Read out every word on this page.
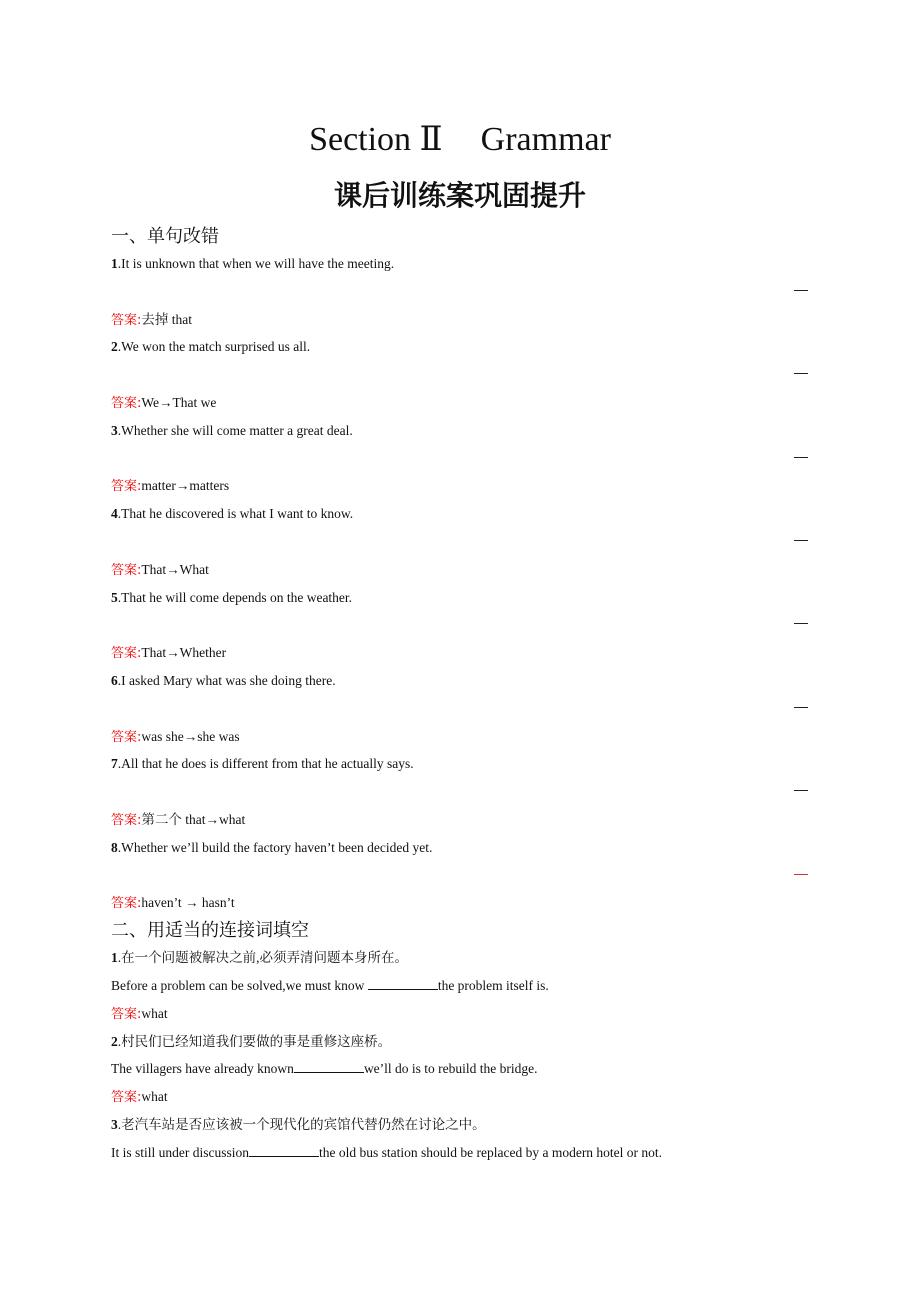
Section Ⅱ Grammar
课后训练案巩固提升
一、单句改错
1.It is unknown that when we will have the meeting.
答案:去掉 that
2.We won the match surprised us all.
答案:We→That we
3.Whether she will come matter a great deal.
答案:matter→matters
4.That he discovered is what I want to know.
答案:That→What
5.That he will come depends on the weather.
答案:That→Whether
6.I asked Mary what was she doing there.
答案:was she→she was
7.All that he does is different from that he actually says.
答案:第二个 that→what
8.Whether we’ll build the factory haven’t been decided yet.
答案:haven’t → hasn’t
二、用适当的连接词填空
1.在一个问题被解决之前,必须弄清问题本身所在。
Before a problem can be solved,we must know	the problem itself is.
答案:what
2.村民们已经知道我们要做的事是重修这座桥。
The villagers have already known	we’ll do is to rebuild the bridge.
答案:what
3.老汽车站是否应该被一个现代化的宾馆代替仍然在讨论之中。
It is still under discussion	the old bus station should be replaced by a modern hotel or not.
